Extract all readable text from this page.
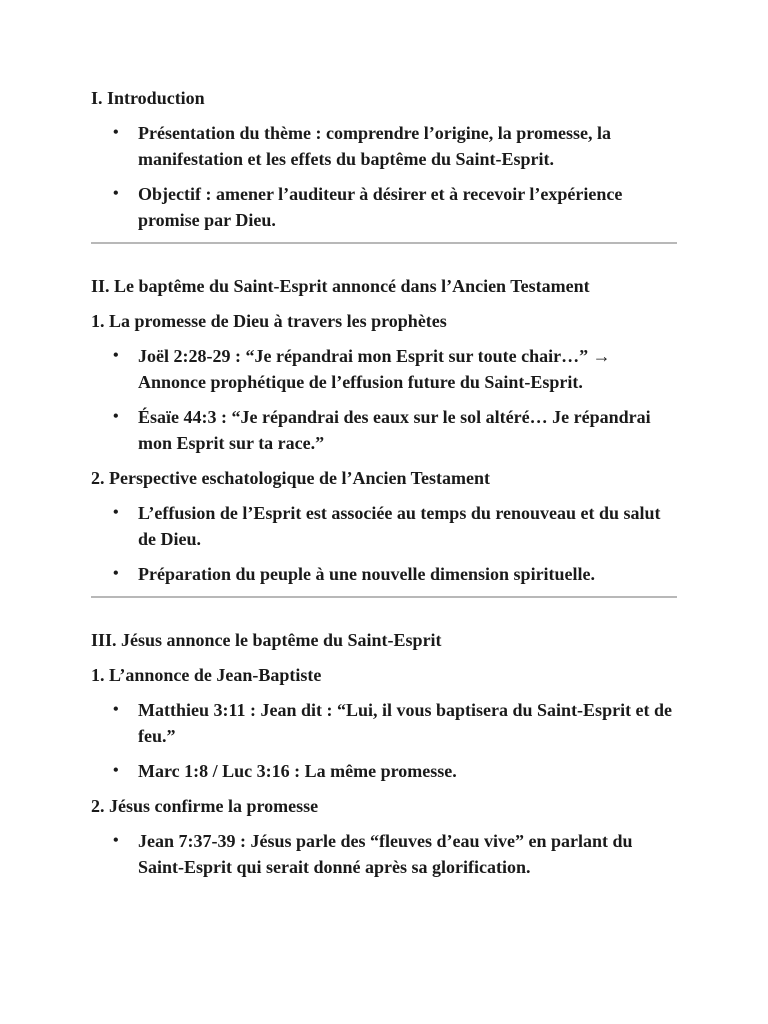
I. Introduction
• Présentation du thème : comprendre l’origine, la promesse, la manifestation et les effets du baptême du Saint-Esprit.
• Objectif : amener l’auditeur à désirer et à recevoir l’expérience promise par Dieu.
II. Le baptême du Saint-Esprit annoncé dans l’Ancien Testament
1. La promesse de Dieu à travers les prophètes
• Joël 2:28-29 : “Je répandrai mon Esprit sur toute chair…” → Annonce prophétique de l’effusion future du Saint-Esprit.
• Ésaïe 44:3 : “Je répandrai des eaux sur le sol altéré… Je répandrai mon Esprit sur ta race.”
2. Perspective eschatologique de l’Ancien Testament
• L’effusion de l’Esprit est associée au temps du renouveau et du salut de Dieu.
• Préparation du peuple à une nouvelle dimension spirituelle.
III. Jésus annonce le baptême du Saint-Esprit
1. L’annonce de Jean-Baptiste
• Matthieu 3:11 : Jean dit : “Lui, il vous baptisera du Saint-Esprit et de feu.”
• Marc 1:8 / Luc 3:16 : La même promesse.
2. Jésus confirme la promesse
• Jean 7:37-39 : Jésus parle des “fleuves d’eau vive” en parlant du Saint-Esprit qui serait donné après sa glorification.
